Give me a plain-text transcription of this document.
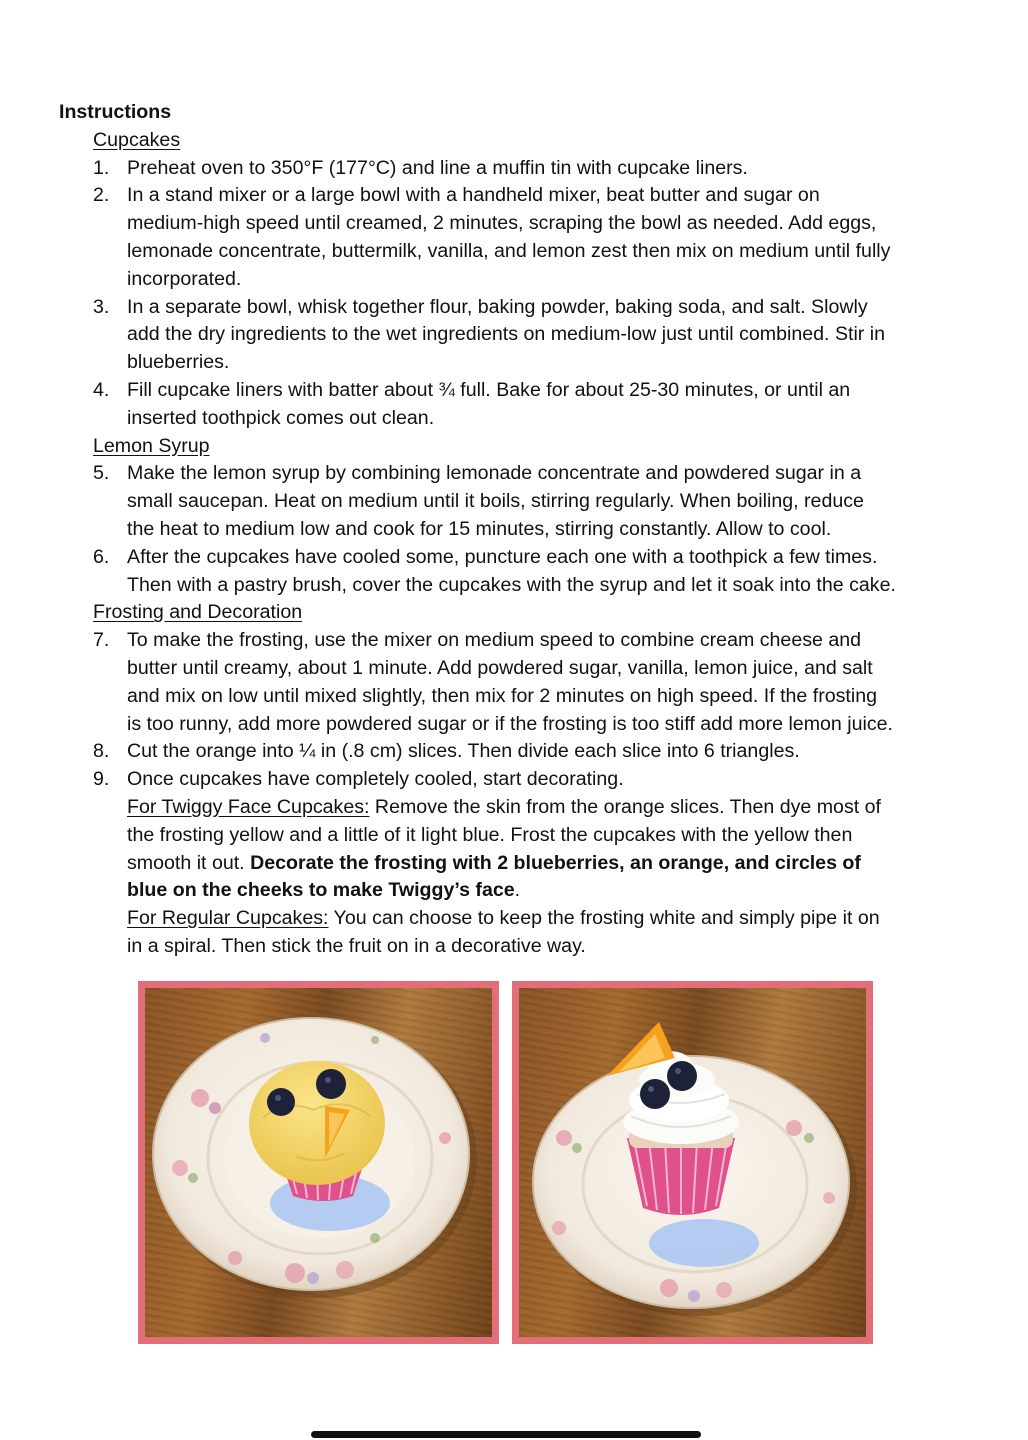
Instructions
Cupcakes
1. Preheat oven to 350°F (177°C) and line a muffin tin with cupcake liners.
2. In a stand mixer or a large bowl with a handheld mixer, beat butter and sugar on
medium-high speed until creamed, 2 minutes, scraping the bowl as needed. Add eggs,
lemonade concentrate, buttermilk, vanilla, and lemon zest then mix on medium until fully
incorporated.
3. In a separate bowl, whisk together flour, baking powder, baking soda, and salt. Slowly
add the dry ingredients to the wet ingredients on medium-low just until combined. Stir in
blueberries.
4. Fill cupcake liners with batter about ¾ full. Bake for about 25-30 minutes, or until an
inserted toothpick comes out clean.
Lemon Syrup
5. Make the lemon syrup by combining lemonade concentrate and powdered sugar in a
small saucepan. Heat on medium until it boils, stirring regularly. When boiling, reduce
the heat to medium low and cook for 15 minutes, stirring constantly. Allow to cool.
6. After the cupcakes have cooled some, puncture each one with a toothpick a few times.
Then with a pastry brush, cover the cupcakes with the syrup and let it soak into the cake.
Frosting and Decoration
7. To make the frosting, use the mixer on medium speed to combine cream cheese and
butter until creamy, about 1 minute. Add powdered sugar, vanilla, lemon juice, and salt
and mix on low until mixed slightly, then mix for 2 minutes on high speed. If the frosting
is too runny, add more powdered sugar or if the frosting is too stiff add more lemon juice.
8. Cut the orange into ¼ in (.8 cm) slices. Then divide each slice into 6 triangles.
9. Once cupcakes have completely cooled, start decorating.
For Twiggy Face Cupcakes: Remove the skin from the orange slices. Then dye most of
the frosting yellow and a little of it light blue. Frost the cupcakes with the yellow then
smooth it out. Decorate the frosting with 2 blueberries, an orange, and circles of
blue on the cheeks to make Twiggy’s face.
For Regular Cupcakes: You can choose to keep the frosting white and simply pipe it on
in a spiral. Then stick the fruit on in a decorative way.
